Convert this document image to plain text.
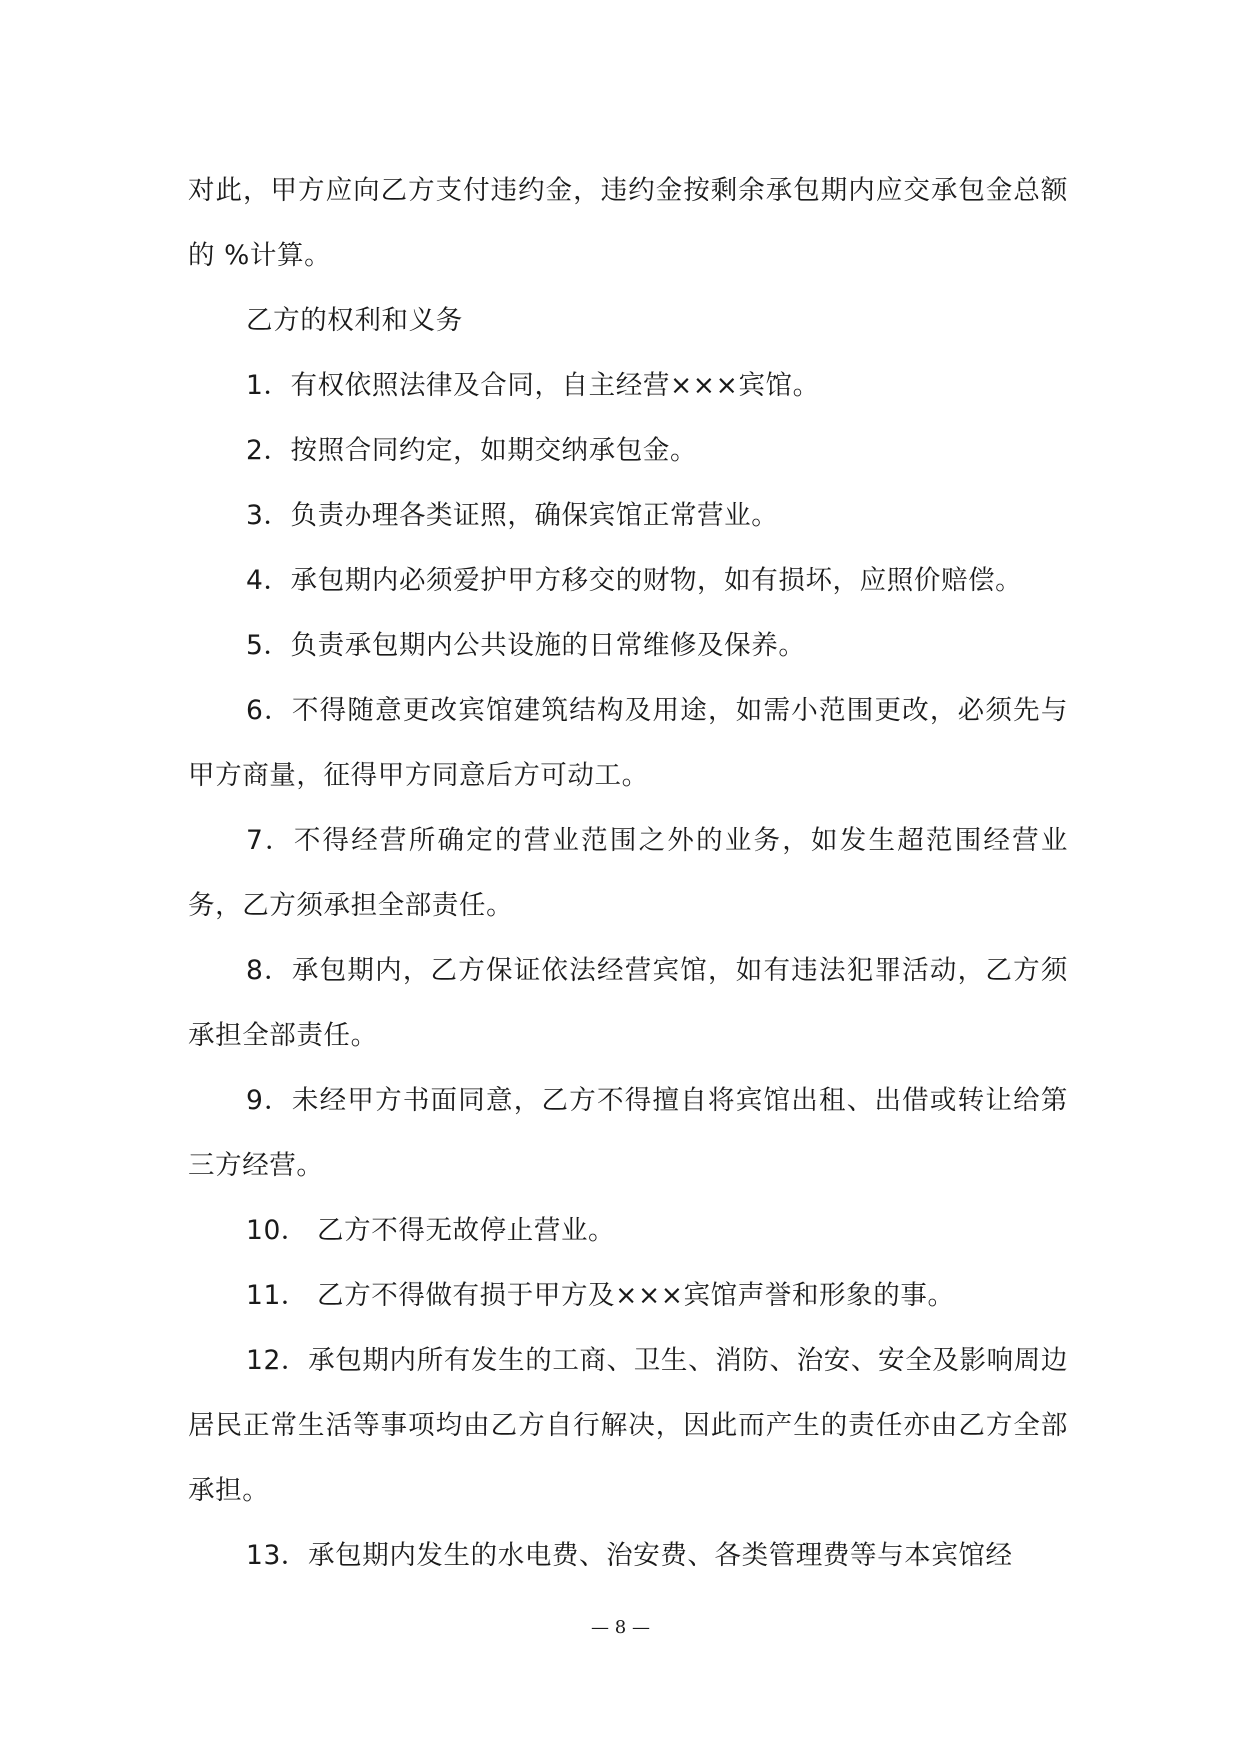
对此，甲方应向乙方支付违约金，违约金按剩余承包期内应交承包金总额的 %计算。

乙方的权利和义务

1．有权依照法律及合同，自主经营×××宾馆。

2．按照合同约定，如期交纳承包金。

3．负责办理各类证照，确保宾馆正常营业。

4．承包期内必须爱护甲方移交的财物，如有损坏，应照价赔偿。

5．负责承包期内公共设施的日常维修及保养。

6．不得随意更改宾馆建筑结构及用途，如需小范围更改，必须先与甲方商量，征得甲方同意后方可动工。

7．不得经营所确定的营业范围之外的业务，如发生超范围经营业务，乙方须承担全部责任。

8．承包期内，乙方保证依法经营宾馆，如有违法犯罪活动，乙方须承担全部责任。

9．未经甲方书面同意，乙方不得擅自将宾馆出租、出借或转让给第三方经营。

10． 乙方不得无故停止营业。

11． 乙方不得做有损于甲方及×××宾馆声誉和形象的事。

12．承包期内所有发生的工商、卫生、消防、治安、安全及影响周边居民正常生活等事项均由乙方自行解决，因此而产生的责任亦由乙方全部承担。

13．承包期内发生的水电费、治安费、各类管理费等与本宾馆经

— 8 —
